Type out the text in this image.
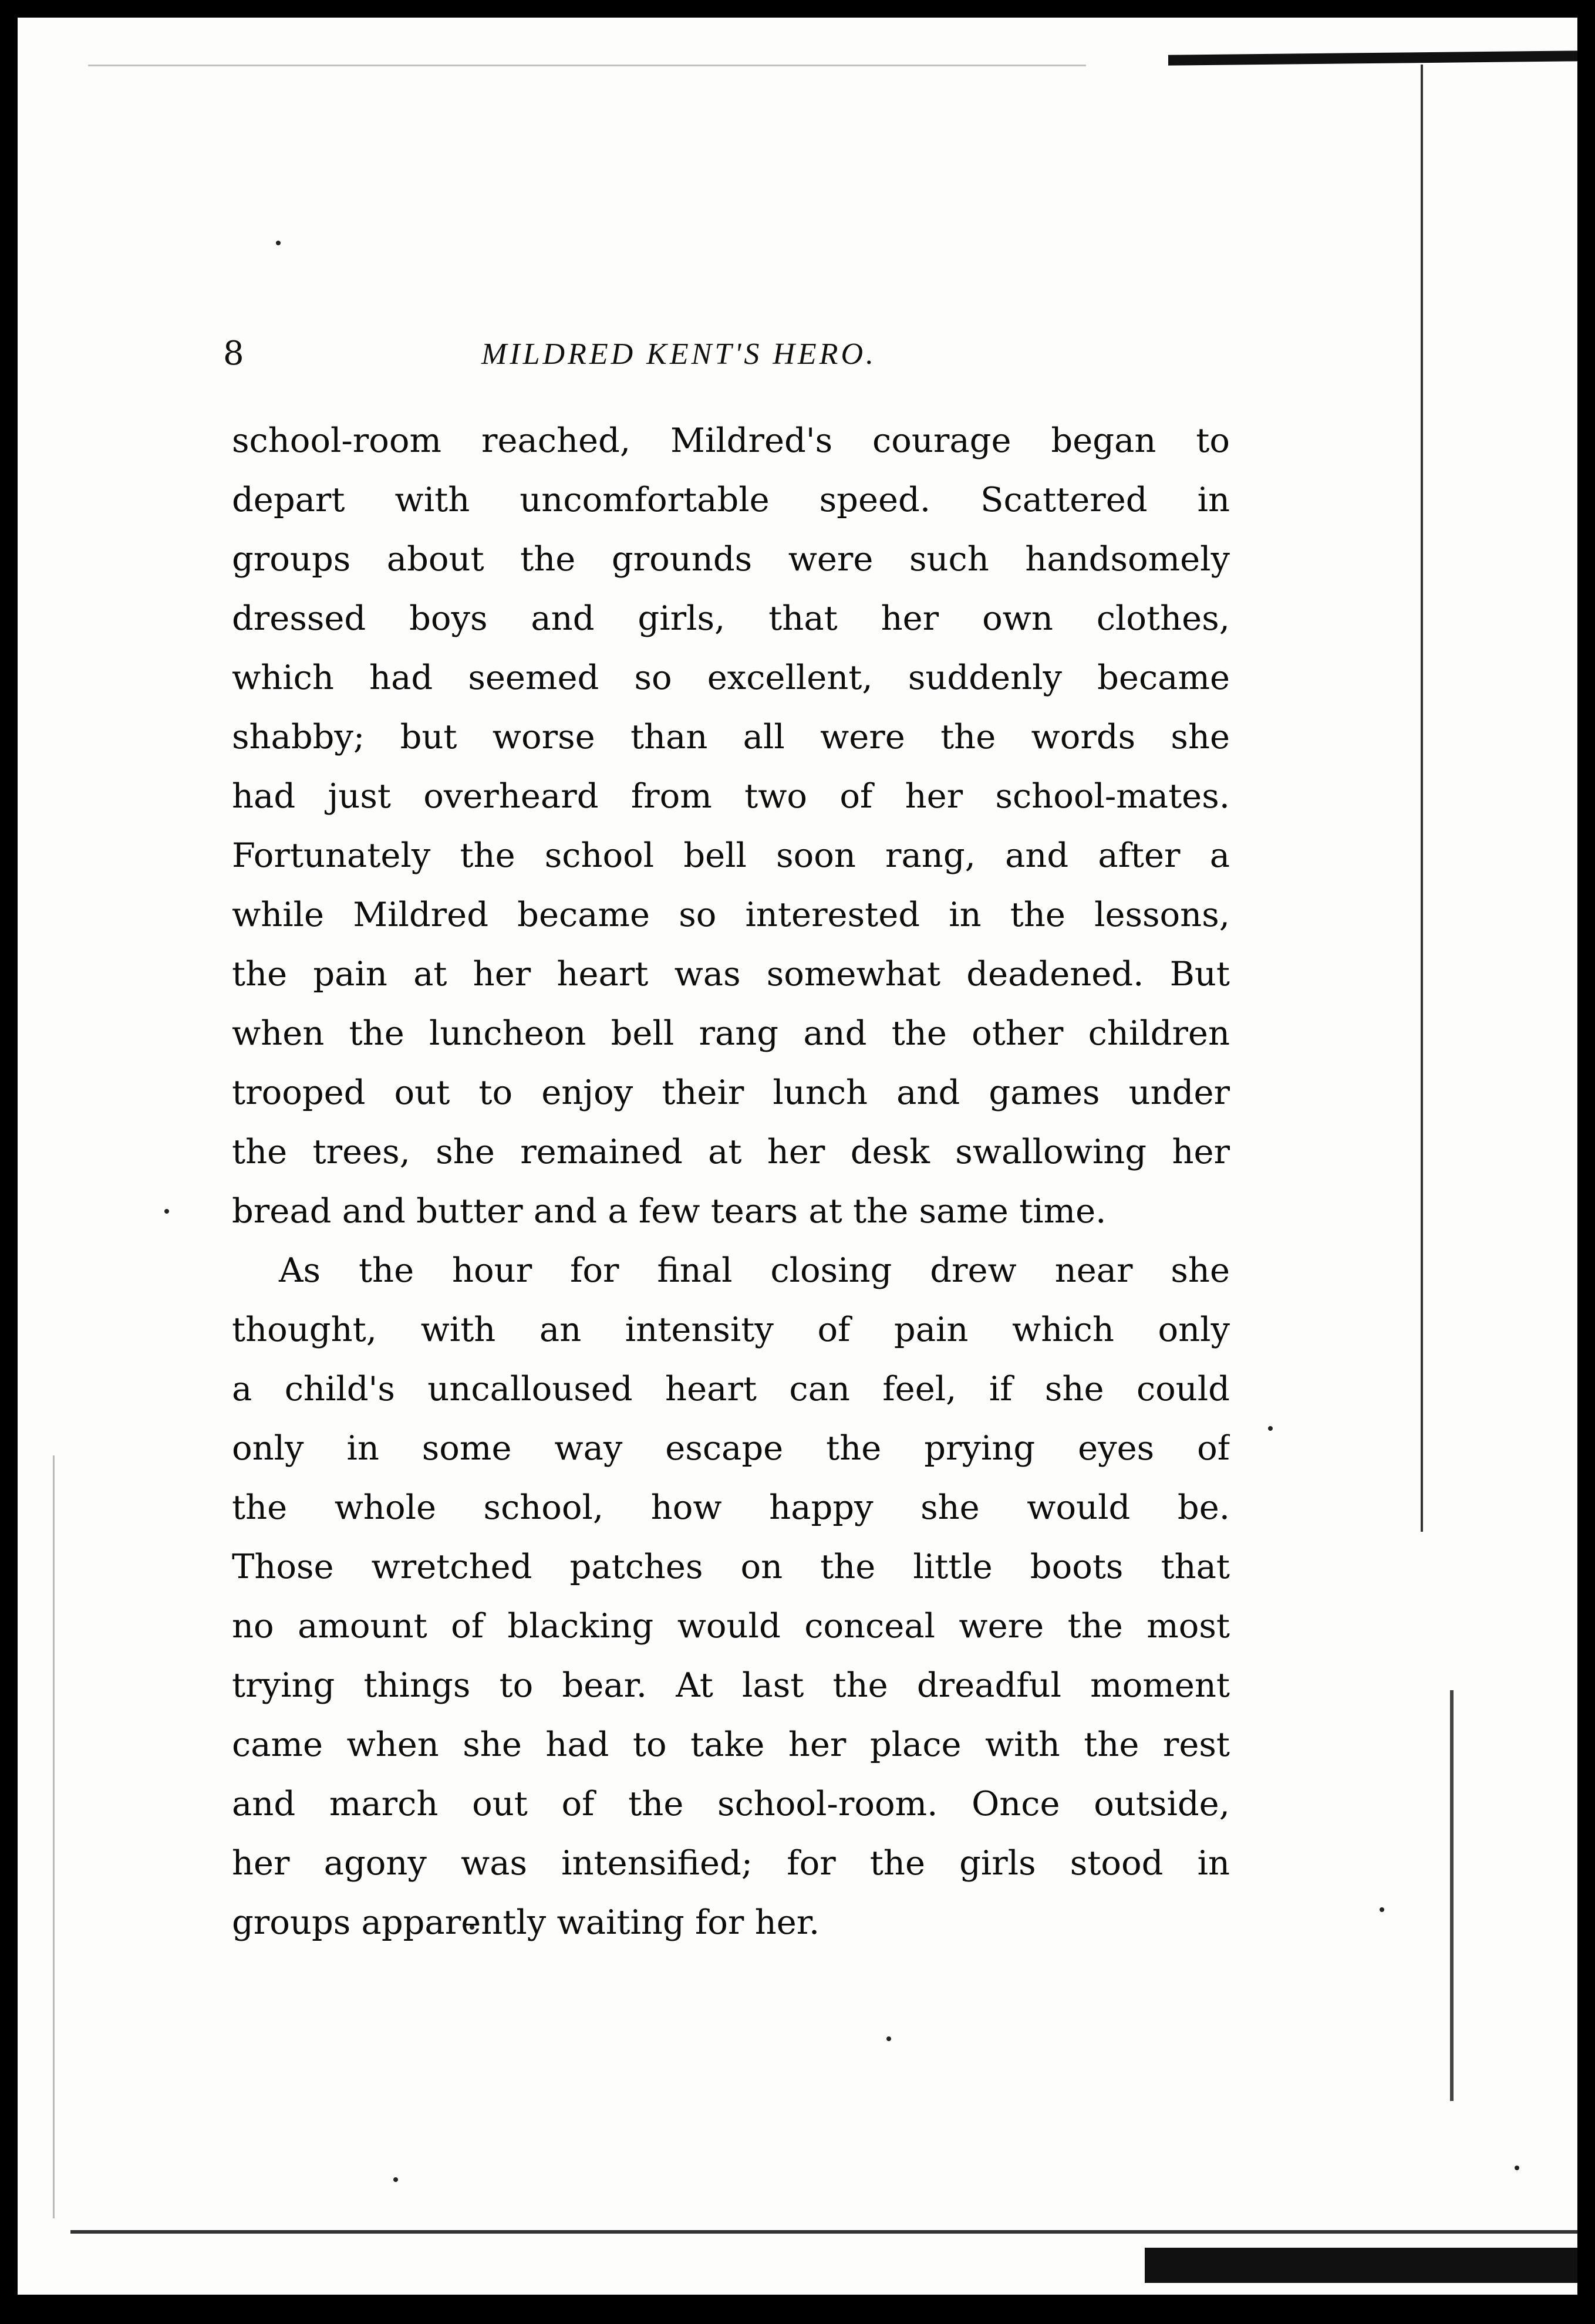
8	MILDRED KENT'S HERO.
school-room reached, Mildred's courage began to
depart with uncomfortable speed. Scattered in
groups about the grounds were such handsomely
dressed boys and girls, that her own clothes,
which had seemed so excellent, suddenly became
shabby; but worse than all were the words she
had just overheard from two of her school-mates.
Fortunately the school bell soon rang, and after a
while Mildred became so interested in the lessons,
the pain at her heart was somewhat deadened. But
when the luncheon bell rang and the other children
trooped out to enjoy their lunch and games under
the trees, she remained at her desk swallowing her
bread and butter and a few tears at the same time.
As the hour for final closing drew near she
thought, with an intensity of pain which only
a child's uncalloused heart can feel, if she could
only in some way escape the prying eyes of
the whole school, how happy she would be.
Those wretched patches on the little boots that
no amount of blacking would conceal were the most
trying things to bear. At last the dreadful moment
came when she had to take her place with the rest
and march out of the school-room. Once outside,
her agony was intensified; for the girls stood in
groups apparently waiting for her.
